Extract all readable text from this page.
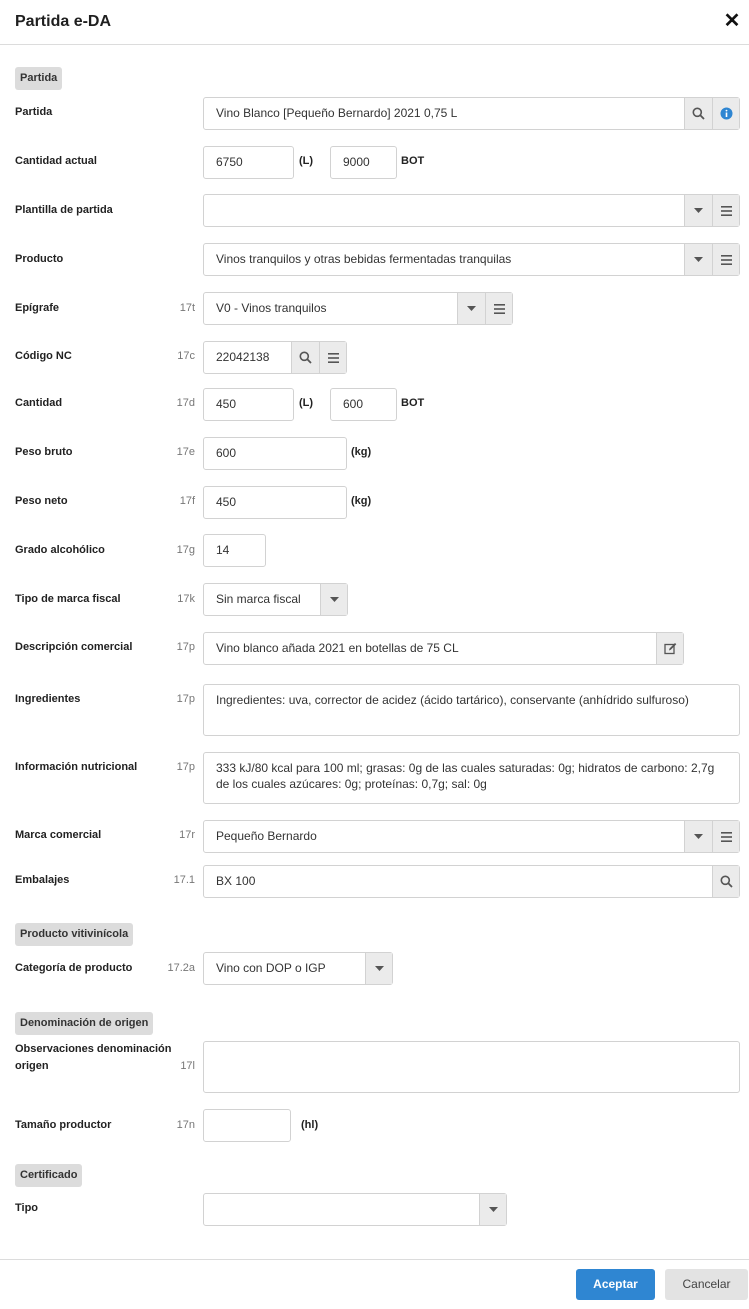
Partida e-DA	✕
Partida
Partida	Vino Blanco [Pequeño Bernardo] 2021 0,75 L
Cantidad actual	6750	(L)	9000	BOT
Plantilla de partida
Producto	Vinos tranquilos y otras bebidas fermentadas tranquilas
Epígrafe	17t	V0 - Vinos tranquilos
Código NC	17c	22042138
Cantidad	17d	450	(L)	600	BOT
Peso bruto	17e	600	(kg)
Peso neto	17f	450	(kg)
Grado alcohólico	17g	14
Tipo de marca fiscal	17k	Sin marca fiscal
Descripción comercial	17p	Vino blanco añada 2021 en botellas de 75 CL
Ingredientes	17p	Ingredientes: uva, corrector de acidez (ácido tartárico), conservante (anhídrido sulfuroso)
Información nutricional	17p	333 kJ/80 kcal para 100 ml; grasas: 0g de las cuales saturadas: 0g; hidratos de carbono: 2,7g de los cuales azúcares: 0g; proteínas: 0,7g; sal: 0g
Marca comercial	17r	Pequeño Bernardo
Embalajes	17.1	BX 100
Producto vitivinícola
Categoría de producto	17.2a	Vino con DOP o IGP
Denominación de origen
Observaciones denominación
origen	17l
Tamaño productor	17n	(hl)
Certificado
Tipo
Aceptar	Cancelar
